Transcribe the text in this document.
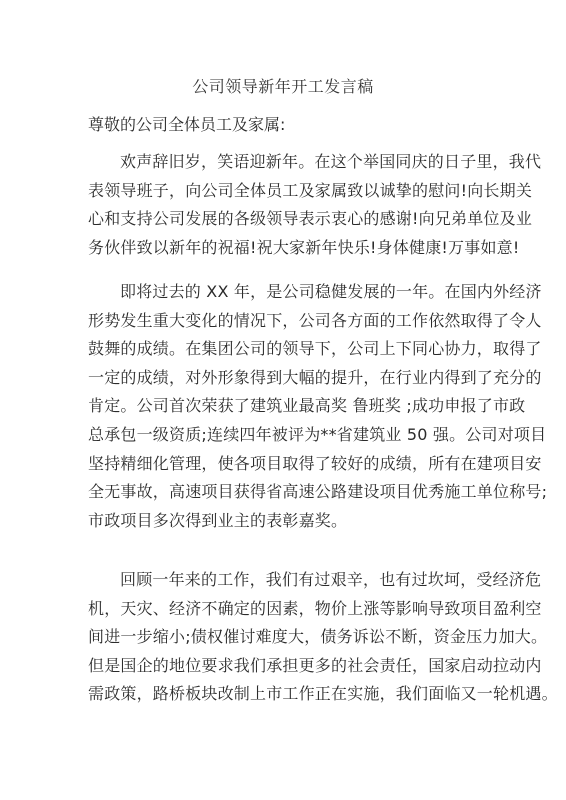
公司领导新年开工发言稿
尊敬的公司全体员工及家属:
欢声辞旧岁，笑语迎新年。在这个举国同庆的日子里，我代
表领导班子，向公司全体员工及家属致以诚挚的慰问!向长期关
心和支持公司发展的各级领导表示衷心的感谢!向兄弟单位及业
务伙伴致以新年的祝福!祝大家新年快乐!身体健康!万事如意!
即将过去的 XX 年，是公司稳健发展的一年。在国内外经济
形势发生重大变化的情况下，公司各方面的工作依然取得了令人
鼓舞的成绩。在集团公司的领导下，公司上下同心协力，取得了
一定的成绩，对外形象得到大幅的提升，在行业内得到了充分的
肯定。公司首次荣获了建筑业最高奖 鲁班奖 ;成功申报了市政
总承包一级资质;连续四年被评为**省建筑业 50 强。公司对项目
坚持精细化管理，使各项目取得了较好的成绩，所有在建项目安
全无事故，高速项目获得省高速公路建设项目优秀施工单位称号;
市政项目多次得到业主的表彰嘉奖。
回顾一年来的工作，我们有过艰辛，也有过坎坷，受经济危
机，天灾、经济不确定的因素，物价上涨等影响导致项目盈利空
间进一步缩小;债权催讨难度大，债务诉讼不断，资金压力加大。
但是国企的地位要求我们承担更多的社会责任，国家启动拉动内
需政策，路桥板块改制上市工作正在实施，我们面临又一轮机遇。
